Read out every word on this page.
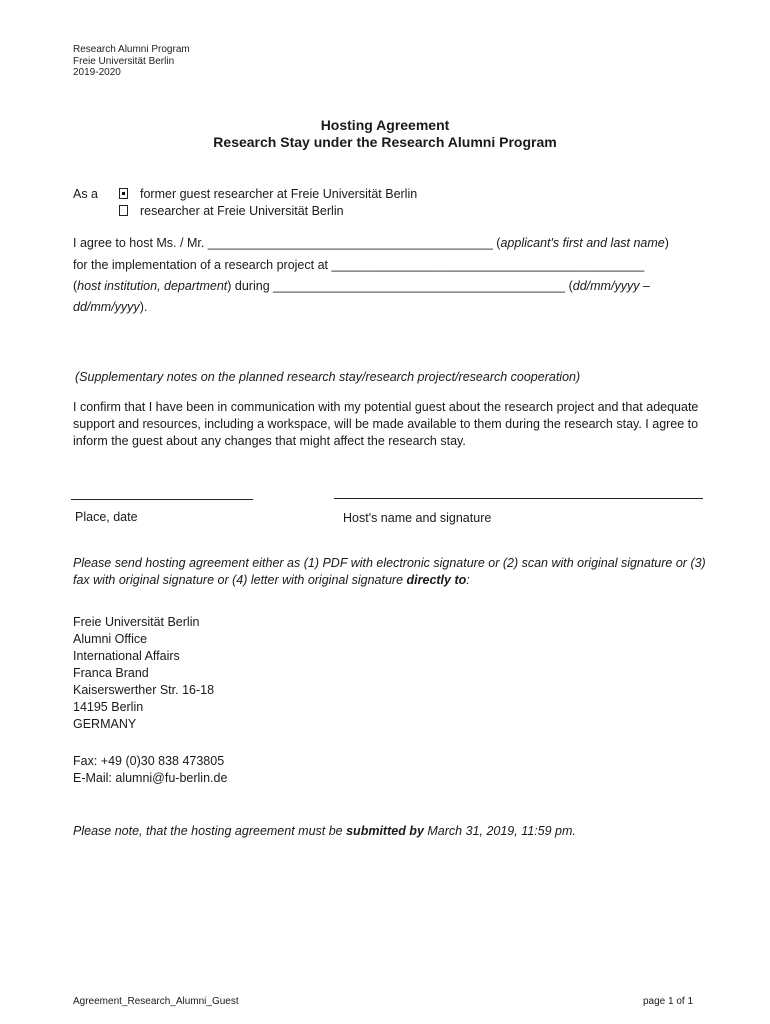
Research Alumni Program
Freie Universität Berlin
2019-2020
Hosting Agreement
Research Stay under the Research Alumni Program
As a	former guest researcher at Freie Universität Berlin
researcher at Freie Universität Berlin
I agree to host Ms. / Mr. _________________________________________ (applicant's first and last name)
for the implementation of a research project at _____________________________________________
(host institution, department) during __________________________________________ (dd/mm/yyyy –
dd/mm/yyyy).
(Supplementary notes on the planned research stay/research project/research cooperation)
I confirm that I have been in communication with my potential guest about the research project and that adequate support and resources, including a workspace, will be made available to them during the research stay. I agree to inform the guest about any changes that might affect the research stay.
Place, date	Host's name and signature
Please send hosting agreement either as (1) PDF with electronic signature or (2) scan with original signature or (3) fax with original signature or (4) letter with original signature directly to:
Freie Universität Berlin
Alumni Office
International Affairs
Franca Brand
Kaiserswerther Str. 16-18
14195 Berlin
GERMANY
Fax: +49 (0)30 838 473805
E-Mail: alumni@fu-berlin.de
Please note, that the hosting agreement must be submitted by March 31, 2019, 11:59 pm.
Agreement_Research_Alumni_Guest	page 1 of 1
